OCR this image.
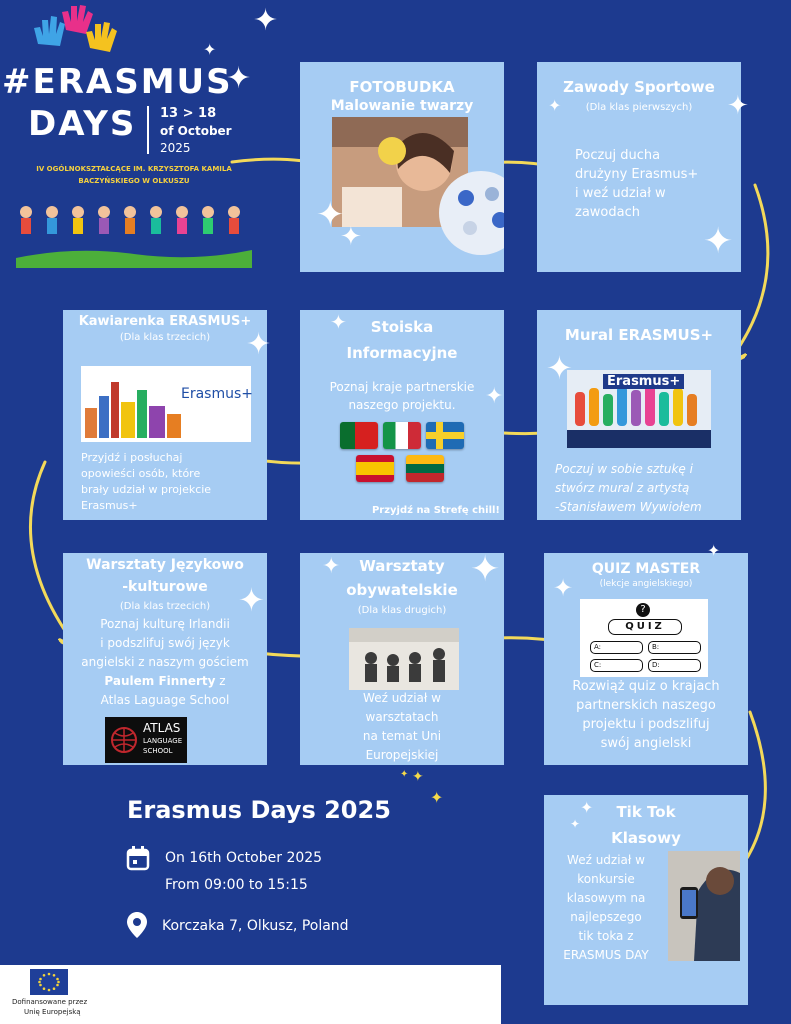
#ERASMUS
DAYS 13 > 18
of October
2025
IV OGÓLNOKSZTAŁCĄCE IM. KRZYSZTOFA KAMILA
BACZYŃSKIEGO W OLKUSZU
FOTOBUDKA
Malowanie twarzy
Zawody Sportowe
(Dla klas pierwszych)
Poczuj ducha
drużyny Erasmus+
i weź udział w
zawodach
Kawiarenka ERASMUS+
(Dla klas trzecich)
Erasmus+
Przyjdź i posłuchaj
opowieści osób, które
brały udział w projekcie
Erasmus+
Stoiska
Informacyjne
Poznaj kraje partnerskie
naszego projektu.
Przyjdź na Strefę chill!
Mural ERASMUS+
Erasmus+
Poczuj w sobie sztukę i
stwórz mural z artystą
-Stanisławem Wywiołem
Warsztaty Językowo
-kulturowe
(Dla klas trzecich)
Poznaj kulturę Irlandii
i podszlifuj swój język
angielski z naszym gościem
Paulem Finnerty z
Atlas Laguage School
ATLAS
LANGUAGE
SCHOOL
Warsztaty
obywatelskie
(Dla klas drugich)
Weź udział w
warsztatach
na temat Uni
Europejskiej
QUIZ MASTER
(lekcje angielskiego)
?
QUIZ
A:	B:
C:	D:
Rozwiąż quiz o krajach
partnerskich naszego
projektu i podszlifuj
swój angielski
Tik Tok
Klasowy
Weź udział w
konkursie
klasowym na
najlepszego
tik toka z
ERASMUS DAY
Erasmus Days 2025
On 16th October 2025
From 09:00 to 15:15
Korczaka 7, Olkusz, Poland
Dofinansowane przez
Unię Europejską
✦
✦
✦
✦
✦
✦	✦
✦
✦
✦
✦
✦
✦	✦
✦
✦
✦
✦
✦
✦ ✦
✦
